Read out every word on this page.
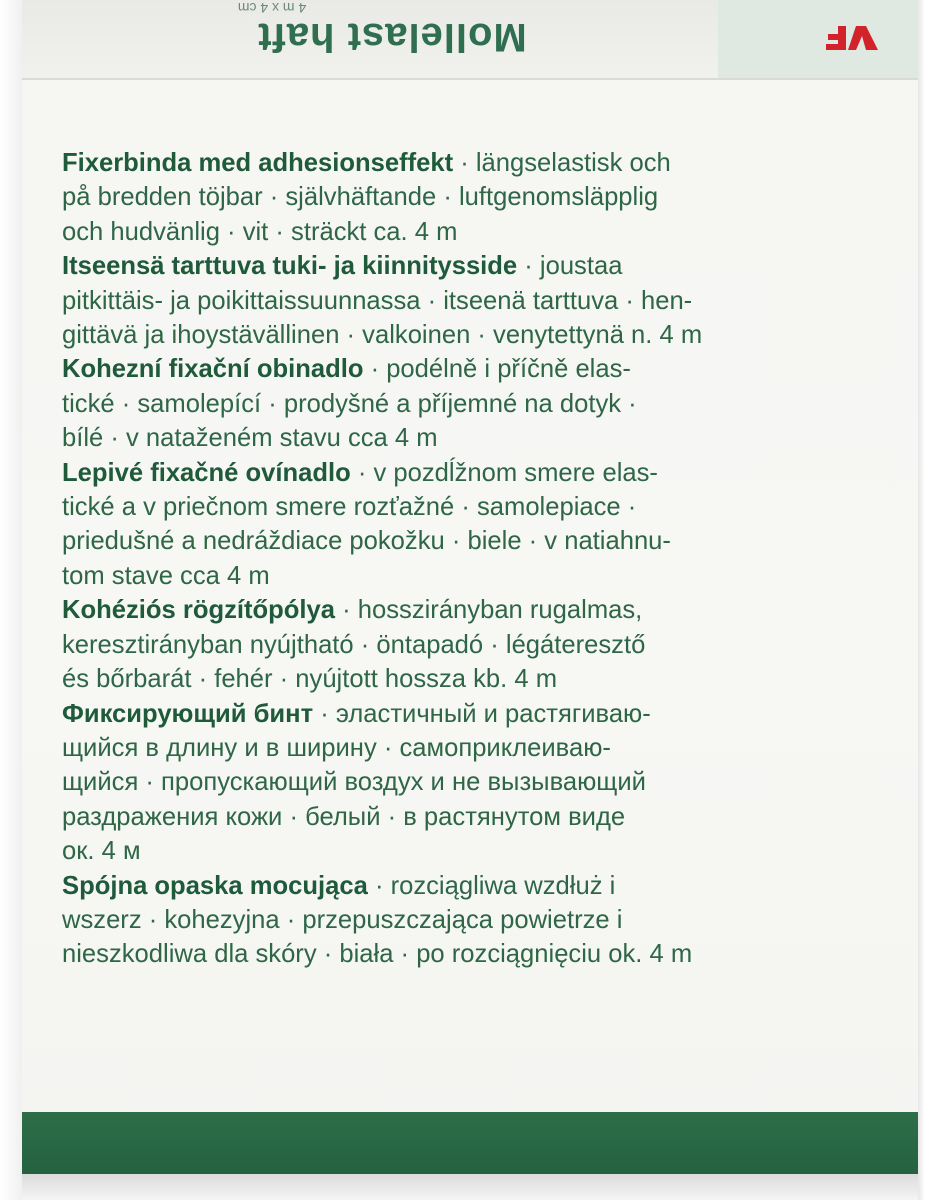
4 m x 4 cm
Mollelast haft
Fixerbinda med adhesionseffekt · längselastisk och
på bredden töjbar · självhäftande · luftgenomsläpplig
och hudvänlig · vit · sträckt ca. 4 m
Itseensä tarttuva tuki- ja kiinnitysside · joustaa
pitkittäis- ja poikittaissuunnassa · itseenä tarttuva · hen-
gittävä ja ihoystävällinen · valkoinen · venytettynä n. 4 m
Kohezní fixační obinadlo · podélně i příčně elas-
tické · samolepící · prodyšné a příjemné na dotyk ·
bílé · v nataženém stavu cca 4 m
Lepivé fixačné ovínadlo · v pozdĺžnom smere elas-
tické a v priečnom smere rozťažné · samolepiace ·
priedušné a nedráždiace pokožku · biele · v natiahnu-
tom stave cca 4 m
Kohéziós rögzítőpólya · hosszirányban rugalmas,
keresztirányban nyújtható · öntapadó · légáteresztő
és bőrbarát · fehér · nyújtott hossza kb. 4 m
Фиксирующий бинт · эластичный и растягиваю-
щийся в длину и в ширину · самоприклеиваю-
щийся · пропускающий воздух и не вызывающий
раздражения кожи · белый · в растянутом виде
ок. 4 м
Spójna opaska mocująca · rozciągliwa wzdłuż i
wszerz · kohezyjna · przepuszczająca powietrze i
nieszkodliwa dla skóry · biała · po rozciągnięciu ok. 4 m
